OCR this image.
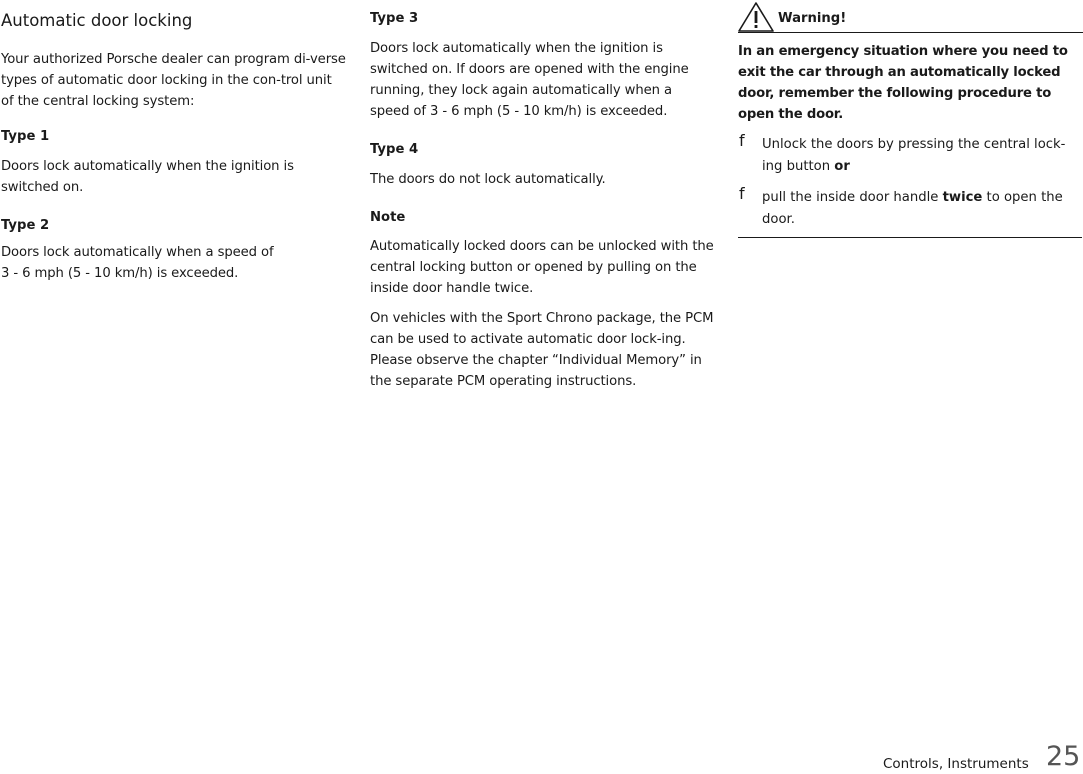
Automatic door locking

Your authorized Porsche dealer can program di-verse types of automatic door locking in the con-trol unit of the central locking system:

Type 1

Doors lock automatically when the ignition is switched on.

Type 2

Doors lock automatically when a speed of
3 - 6 mph (5 - 10 km/h) is exceeded.

Type 3

Doors lock automatically when the ignition is switched on. If doors are opened with the engine running, they lock again automatically when a speed of 3 - 6 mph (5 - 10 km/h) is exceeded.

Type 4

The doors do not lock automatically.

Note

Automatically locked doors can be unlocked with the central locking button or opened by pulling on the inside door handle twice.

On vehicles with the Sport Chrono package, the PCM can be used to activate automatic door lock-ing.
Please observe the chapter “Individual Memory” in the separate PCM operating instructions.

Warning!
In an emergency situation where you need to exit the car through an automatically locked door, remember the following procedure to open the door.
f Unlock the doors by pressing the central lock-ing button or
f pull the inside door handle twice to open the door.
Controls, Instruments 25
